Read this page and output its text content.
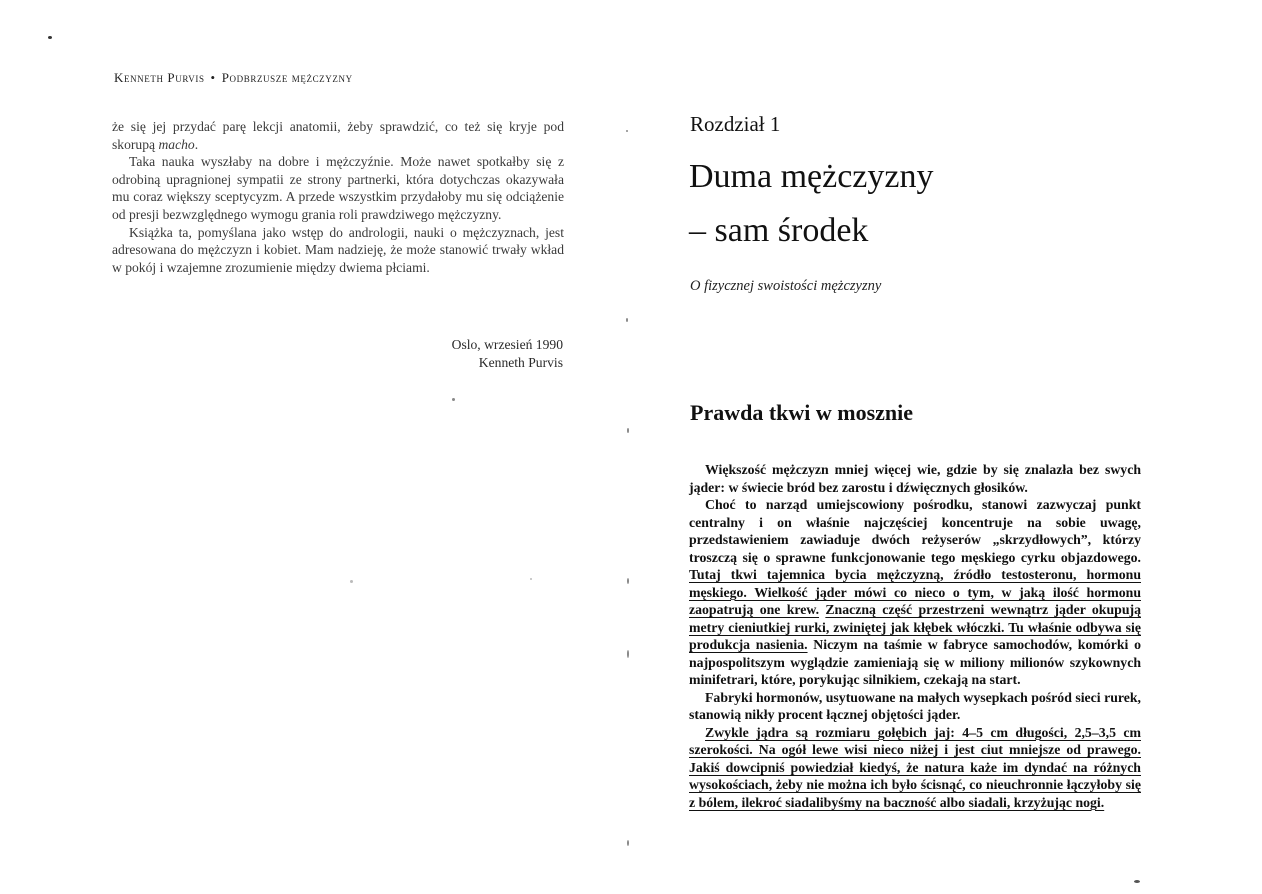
Kenneth Purvis • Podbrzusze mężczyzny

że się jej przydać parę lekcji anatomii, żeby sprawdzić, co też się kryje pod skorupą macho.

Taka nauka wyszłaby na dobre i mężczyźnie. Może nawet spotkałby się z odrobiną upragnionej sympatii ze strony partnerki, która dotychczas okazywała mu coraz większy sceptycyzm. A przede wszystkim przydałoby mu się odciążenie od presji bezwzględnego wymogu grania roli prawdziwego mężczyzny.

Książka ta, pomyślana jako wstęp do andrologii, nauki o mężczyznach, jest adresowana do mężczyzn i kobiet. Mam nadzieję, że może stanowić trwały wkład w pokój i wzajemne zrozumienie między dwiema płciami.

Oslo, wrzesień 1990
Kenneth Purvis
Rozdział 1
Duma mężczyzny
– sam środek
O fizycznej swoistości mężczyzny
Prawda tkwi w mosznie

Większość mężczyzn mniej więcej wie, gdzie by się znalazła bez swych jąder: w świecie bród bez zarostu i dźwięcznych głosików.

Choć to narząd umiejscowiony pośrodku, stanowi zazwyczaj punkt centralny i on właśnie najczęściej koncentruje na sobie uwagę, przedstawieniem zawiaduje dwóch reżyserów „skrzydłowych”, którzy troszczą się o sprawne funkcjonowanie tego męskiego cyrku objazdowego. Tutaj tkwi tajemnica bycia mężczyzną, źródło testosteronu, hormonu męskiego. Wielkość jąder mówi co nieco o tym, w jaką ilość hormonu zaopatrują one krew. Znaczną część przestrzeni wewnątrz jąder okupują metry cieniutkiej rurki, zwiniętej jak kłębek włóczki. Tu właśnie odbywa się produkcja nasienia. Niczym na taśmie w fabryce samochodów, komórki o najpospolitszym wyglądzie zamieniają się w miliony milionów szykownych minifetrari, które, porykując silnikiem, czekają na start.

Fabryki hormonów, usytuowane na małych wysepkach pośród sieci rurek, stanowią nikły procent łącznej objętości jąder.

Zwykle jądra są rozmiaru gołębich jaj: 4–5 cm długości, 2,5–3,5 cm szerokości. Na ogół lewe wisi nieco niżej i jest ciut mniejsze od prawego. Jakiś dowcipniś powiedział kiedyś, że natura każe im dyndać na różnych wysokościach, żeby nie można ich było ścisnąć, co nieuchronnie łączyłoby się z bólem, ilekroć siadalibyśmy na baczność albo siadali, krzyżując nogi.
